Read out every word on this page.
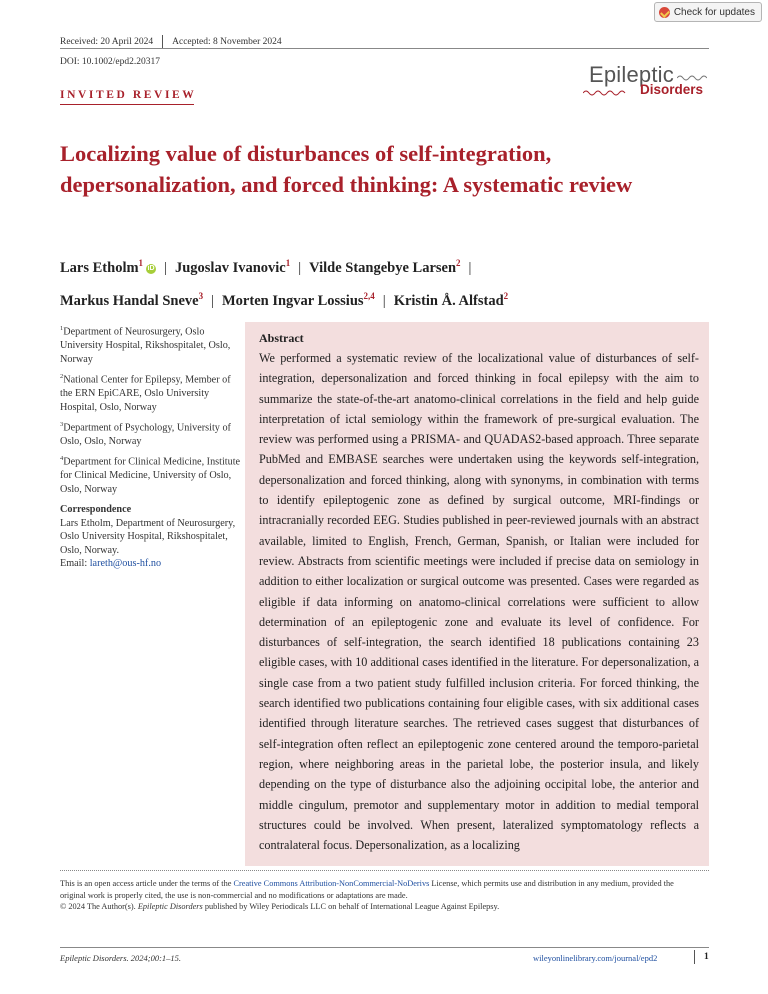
Check for updates
Received: 20 April 2024 Accepted: 8 November 2024
DOI: 10.1002/epd2.20317	Epileptic
Disorders
INVITED REVIEW
Localizing value of disturbances of self-integration, depersonalization, and forced thinking: A systematic review
Lars Etholm$^1$ iD | Jugoslav Ivanovic$^1$ | Vilde Stangebye Larsen$^2$ |
Markus Handal Sneve$^3$ | Morten Ingvar Lossius$^{2,4}$ | Kristin Å. Alfstad$^2$
$^1$Department of Neurosurgery, Oslo University Hospital, Rikshospitalet, Oslo, Norway
$^2$National Center for Epilepsy, Member of the ERN EpiCARE, Oslo University Hospital, Oslo, Norway
$^3$Department of Psychology, University of Oslo, Oslo, Norway
$^4$Department for Clinical Medicine, Institute for Clinical Medicine, University of Oslo, Oslo, Norway
Correspondence
Lars Etholm, Department of Neurosurgery, Oslo University Hospital, Rikshospitalet, Oslo, Norway.
Email: lareth@ous-hf.no
Abstract
We performed a systematic review of the localizational value of disturbances of self-integration, depersonalization and forced thinking in focal epilepsy with the aim to summarize the state-of-the-art anatomo-clinical correlations in the field and help guide interpretation of ictal semiology within the framework of pre-surgical evaluation. The review was performed using a PRISMA- and QUADAS2-based approach. Three separate PubMed and EMBASE searches were undertaken using the keywords self-integration, depersonalization and forced thinking, along with synonyms, in combination with terms to identify epileptogenic zone as defined by surgical outcome, MRI-findings or intracranially recorded EEG. Studies published in peer-reviewed journals with an abstract available, limited to English, French, German, Spanish, or Italian were included for review. Abstracts from scientific meetings were included if precise data on semiology in addition to either localization or surgical outcome was presented. Cases were regarded as eligible if data informing on anatomo-clinical correlations were sufficient to allow determination of an epileptogenic zone and evaluate its level of confidence. For disturbances of self-integration, the search identified 18 publications containing 23 eligible cases, with 10 additional cases identified in the literature. For depersonalization, a single case from a two patient study fulfilled inclusion criteria. For forced thinking, the search identified two publications containing four eligible cases, with six additional cases identified through literature searches. The retrieved cases suggest that disturbances of self-integration often reflect an epileptogenic zone centered around the temporo-parietal region, where neighboring areas in the parietal lobe, the posterior insula, and likely depending on the type of disturbance also the adjoining occipital lobe, the anterior and middle cingulum, premotor and supplementary motor in addition to medial temporal structures could be involved. When present, lateralized symptomatology reflects a contralateral focus. Depersonalization, as a localizing
This is an open access article under the terms of the Creative Commons Attribution-NonCommercial-NoDerivs License, which permits use and distribution in any medium, provided the original work is properly cited, the use is non-commercial and no modifications or adaptations are made.
© 2024 The Author(s). Epileptic Disorders published by Wiley Periodicals LLC on behalf of International League Against Epilepsy.
Epileptic Disorders. 2024;00:1–15.	wileyonlinelibrary.com/journal/epd2	1
